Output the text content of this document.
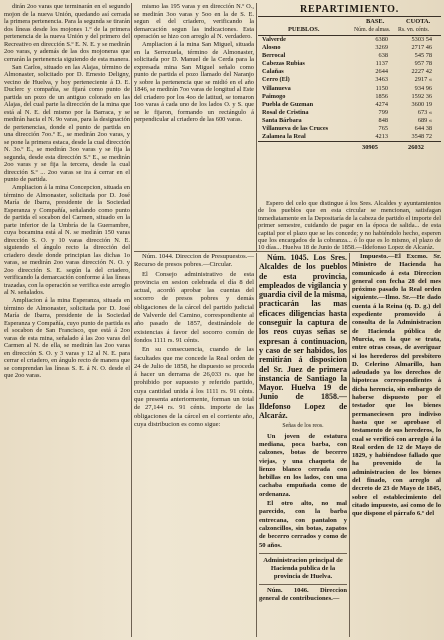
dirán 2oo varas que terminarán en el segundo mojon de la nueva Unión, quedando así cerrada la primera pertenencia. Para la segunda se tirarán dos líneas desde los mojones 1.º de la primera pertenencia de la nueva Unión y del primero del Recreativo en dirección S.º E. N. E. y se medirán 2oo varas, y además de las dos mojoneras que cerrarán la pertenencia siguiendo de esta manera.

San Carlos, situado en las Alajas, término de Almonaster, solicitado por D. Ernesto Deligny, vecino de Huelva, y hoy perteneciente á D. E. Duclerc y compañía, se fijará como punto de partida un pozo de un antiguo colorado en las Alajas, del cual parte la dirección de la mina que está al N. E. del mismo por la Barraca, y se medirán hacia el N. 9o varas, para la designación de pertenencias, donde el punto de partida en una dirección 7oo.º E., se medirán 2oo varas, y se pone la primera estaca, desde la cual dirección N. 3o.º E., se medirán 3oo varas y se fija la segunda, desde esta dirección S.º E., se medirán 2oo varas y se fija la tercera, desde la cual dirección S.º ... 2oo varas se ira á cerrar en el punto de partida.

Ampliacion á la mina Concepcion, situada en término de Almonaster, solicitada por D. José María de Ibarra, presidente de la Sociedad Esperanza y Compañía, señalando como punto de partida el socabon del Carmen, situado en la parte inferior de la Umbría de la Guerrambre, cuya bocamina está al N. se medirán 150 varas dirección S. O. y 10 varas dirección N. E. siguiendo el ángulo recto la dirección del criadero desde donde principian las dichas 1o varas, se medirán 2oo varas dirección N. O. y 2oo dirección S. E. según la del criadero, verificando la demarcación conforme á las líneas trazadas, con la operación se verifica este arreglo al N. señalados.

Ampliacion á la mina Esperanza, situada en término de Almonaster, solicitada por D. José María de Ibarra, presidente de la Sociedad Esperanza y Compañía, cuyo punto de partida es el socabon de San Francisco, que está á 2oo varas de esta mina, señalado á las 2oo varas del Carmen al N. de ella, se medirán las 2oo varas en dirección S. O. y 3 varas y 12 al N. E. para cerrar el criadero, en ángulo recto de manera que se comprendan las líneas S. E. á N. O. desde el que 2oo varas.

mismo las 195 varas y en dirección N.º O., se medirán 3oo varas y 5oo en la de S. E. segun el del criadero, verificando la demarcación segun las indicaciones. Esta operación se hizo con arreglo al N. verdadero.

Ampliacion á la mina San Miguel, situada en la Serrezuela, término de Almonaster, solicitada por D. Manuel de la Cerda para la expresada mina San Miguel señalo como punto de partida el pozo llamado del Naranjo y sobre la pertenencia que se midió en el año 1846, se medirán 7oo varas de longitud al Este del criadero por los 4oo de latitud, se tomaron 1oo varas á cada uno de los lados O. y S. que se le fijaron, formando un rectángulo á perpendicular al criadero de las 600 varas.

REPARTIMIENTO.
PUEBLOS.
BASE.
Núm. de almas.
CUOTA.
Rs. vn. cénts.
Valverde	6380	5303 54
Alosno	3269	2717 46
Berrocal	638	545 78
Cabezas Rubias	1137	957 78
Calañas	2644	2227 42
Cerro (El)	3463	2917 «
Villanueva	1150	934 96
Paimogo	1856	1592 36
Puebla de Guzman	4274	3600 19
Rosal de Cristina	799	673 «
Santa Bárbara	848	689 «
Villanueva de las Cruces	765	644 38
Zalamea la Real	4213	3548 72
30905	26032

Espero del celo que distingue á los Sres. Alcaldes y ayuntamientos de los pueblos que en esta circular se mencionan, satisfagan inmediatamente en la Depositaría de la cabeza de partido el importe del primer semestre, cuidando de pagar en la época de salida... de esta capital por el plazo que se les concede; y no habiéndolo hecho, esperen que los encargados de la cobranza... ó lo que es lo mismo, el plazo de 10 días... Huelva 18 de Junio de 1858.—Ildefonso Lopez de Alcaráz.

Núm. 1044. Direccion de Presupuestos.—Recurso de presos pobres.—Circular.

El Consejo administrativo de esta provincia en sesion celebrada el día 8 del actual, acordó aprobar las cuentas del socorro de presos pobres y demás obligaciones de la cárcel del partido judicial de Valverde del Camino, correspondiente al año pasado de 1857, destinándole de existencias á favor del socorro común de fondos 1111 rs. 91 cénts.

En su consecuencia, cuando de las facultades que me concede la Real orden de 24 de Julio de 1858, he dispuesto se proceda á hacer un derrama de 26,033 rs. que he prohibido por supuesto y referido partido, cuya cantidad unida á los 1111 rs. 91 cénts. que presenta anteriormente, forman un total de 27,144 rs. 91 cénts. importe de las obligaciones de la cárcel en el corriente año, cuya distribucion es como sigue:

Núm. 1045. Los Sres. Alcaldes de los pueblos de esta provincia, empleados de vigilancia y guardia civil de la misma, practicarán las mas eficaces diligencias hasta conseguir la captura de los reos cuyas señas se expresan á continuacion, y caso de ser habidos, los remitirán á disposicion del Sr. Juez de primera instancia de Santiago la Mayor. Huelva 19 de Junio de 1858.—Ildefonso Lopez de Alcaráz.

Señas de los reos.

Un joven de estatura mediana, poca barba, con calzones, botas de becerro viejas, y una chaqueta de lienzo blanco cerrada con hebillas en los lados, con una cachaba empuñada como de ordenanza.

El otro alto, no mal parecido, con la barba entrecana, con pantalon y calzoncillos, sin botas, zapatos de becerro cerrados y como de 50 años.

Administracion principal de Hacienda publica de la provincia de Huelva.

Núm. 1046. Direccion general de contribuciones.—

Impuesto.—El Excmo. Sr. Ministro de Hacienda ha comunicado á esta Direccion general con fecha 28 del mes próximo pasado la Real orden siguiente.—Ilmo. Sr.—He dado cuenta á la Reina (q. D. g.) del expediente promovido á consulta de la Administracion de Hacienda pública de Murcia, en la que se trata, entre otras cosas, de averiguar si los herederos del presbítero D. Celerino Almarillo, han adeudado ya los derechos de hipotecas correspondientes á dicha herencia, sin embargo de haberse dispuesto por el testador que los bienes permaneciesen pro indiviso hasta que se aprobase el testamento de sus herederos, lo cual se verificó con arreglo á la Real orden de 12 de Mayo de 1829, y habiéndose fallado que ha provenido de la administracion de los bienes del finado, con arreglo al decreto de 23 de Mayo de 1845, sobre el establecimiento del citado impuesto, así como de lo que dispone el párrafo 6.º del
